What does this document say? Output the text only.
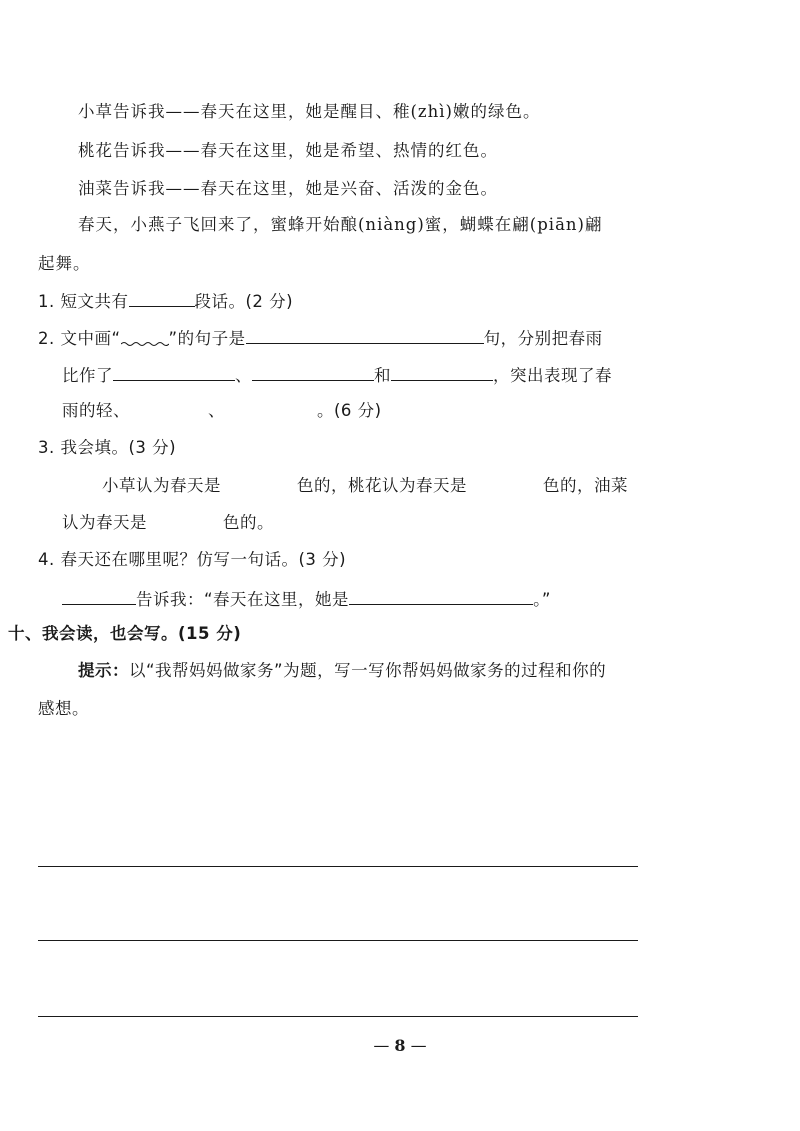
小草告诉我——春天在这里，她是醒目、稚(zhì)嫩的绿色。
桃花告诉我——春天在这里，她是希望、热情的红色。
油菜告诉我——春天在这里，她是兴奋、活泼的金色。
春天，小燕子飞回来了，蜜蜂开始酿(niàng)蜜，蝴蝶在翩(piān)翩
起舞。
1. 短文共有	段话。(2 分)
2. 文中画“	”的句子是	句，分别把春雨
比作了	、	和	，突出表现了春
雨的轻、	、	。(6 分)
3. 我会填。(3 分)
小草认为春天是	色的，桃花认为春天是	色的，油菜
认为春天是	色的。
4. 春天还在哪里呢？仿写一句话。(3 分)
告诉我：“春天在这里，她是	。”
十、我会读，也会写。(15 分)
提示：以“我帮妈妈做家务”为题，写一写你帮妈妈做家务的过程和你的
感想。
— 8 —
